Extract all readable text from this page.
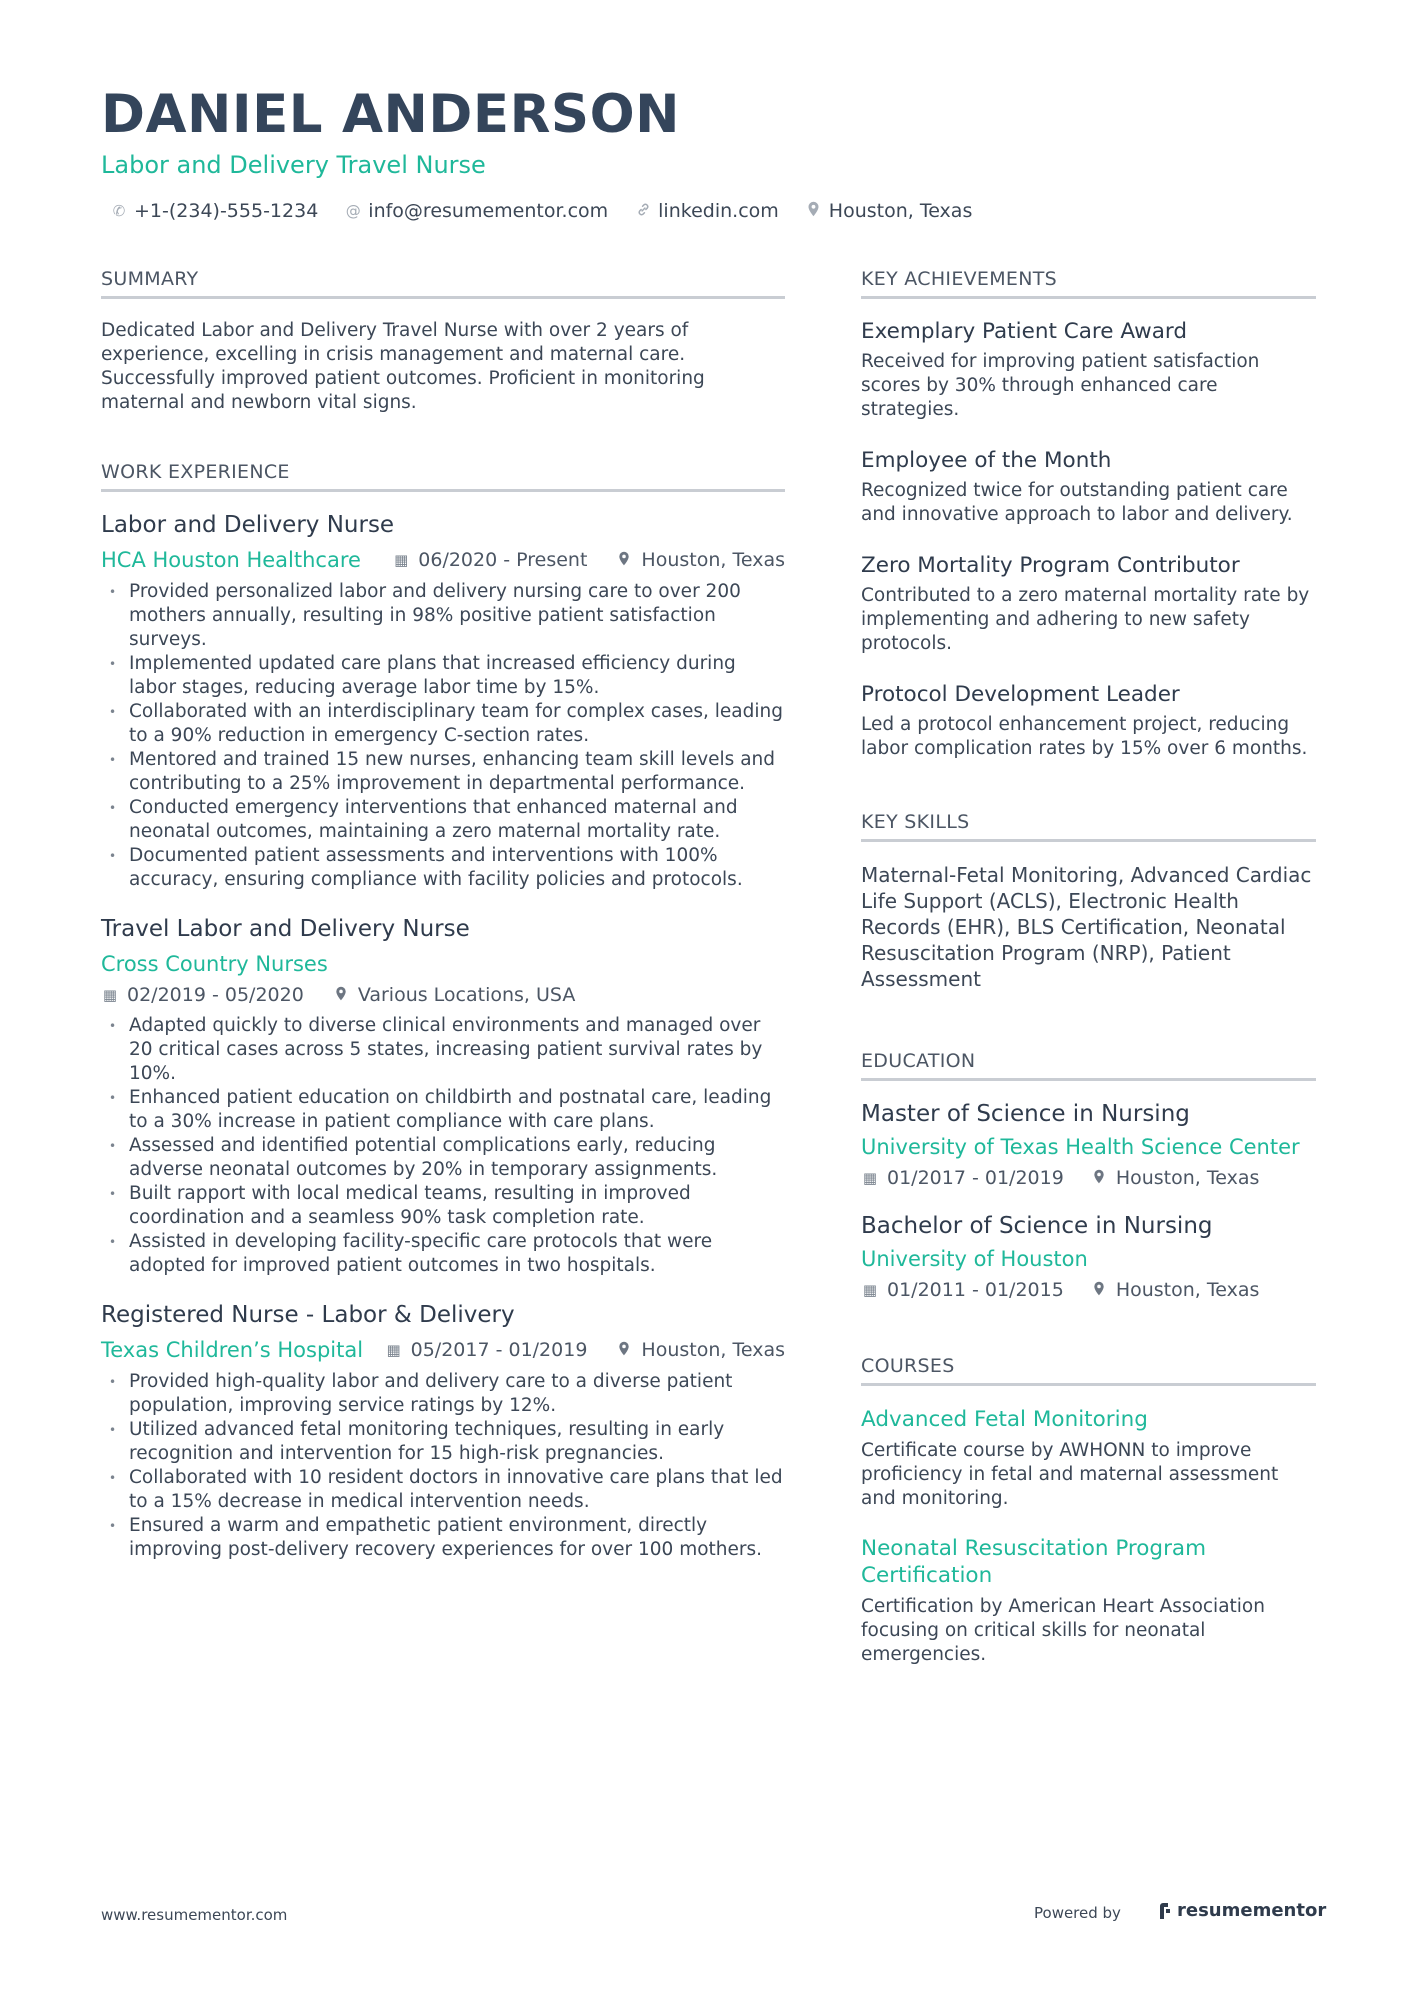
DANIEL ANDERSON
Labor and Delivery Travel Nurse
✆ +1-(234)-555-1234 @ info@resumementor.com	linkedin.com	Houston, Texas
SUMMARY
Dedicated Labor and Delivery Travel Nurse with over 2 years of experience, excelling in crisis management and maternal care. Successfully improved patient outcomes. Proficient in monitoring maternal and newborn vital signs.
WORK EXPERIENCE
Labor and Delivery Nurse
HCA Houston Healthcare ▦ 06/2020 - Present	Houston, Texas
• Provided personalized labor and delivery nursing care to over 200 mothers annually, resulting in 98% positive patient satisfaction surveys.
• Implemented updated care plans that increased efficiency during labor stages, reducing average labor time by 15%.
• Collaborated with an interdisciplinary team for complex cases, leading to a 90% reduction in emergency C-section rates.
• Mentored and trained 15 new nurses, enhancing team skill levels and contributing to a 25% improvement in departmental performance.
• Conducted emergency interventions that enhanced maternal and neonatal outcomes, maintaining a zero maternal mortality rate.
• Documented patient assessments and interventions with 100% accuracy, ensuring compliance with facility policies and protocols.
Travel Labor and Delivery Nurse
Cross Country Nurses
▦ 02/2019 - 05/2020	Various Locations, USA
• Adapted quickly to diverse clinical environments and managed over 20 critical cases across 5 states, increasing patient survival rates by 10%.
• Enhanced patient education on childbirth and postnatal care, leading to a 30% increase in patient compliance with care plans.
• Assessed and identified potential complications early, reducing adverse neonatal outcomes by 20% in temporary assignments.
• Built rapport with local medical teams, resulting in improved coordination and a seamless 90% task completion rate.
• Assisted in developing facility-specific care protocols that were adopted for improved patient outcomes in two hospitals.
Registered Nurse - Labor & Delivery
Texas Children’s Hospital ▦ 05/2017 - 01/2019	Houston, Texas
• Provided high-quality labor and delivery care to a diverse patient population, improving service ratings by 12%.
• Utilized advanced fetal monitoring techniques, resulting in early recognition and intervention for 15 high-risk pregnancies.
• Collaborated with 10 resident doctors in innovative care plans that led to a 15% decrease in medical intervention needs.
• Ensured a warm and empathetic patient environment, directly improving post-delivery recovery experiences for over 100 mothers.
KEY ACHIEVEMENTS
Exemplary Patient Care Award
Received for improving patient satisfaction scores by 30% through enhanced care strategies.
Employee of the Month
Recognized twice for outstanding patient care and innovative approach to labor and delivery.
Zero Mortality Program Contributor
Contributed to a zero maternal mortality rate by implementing and adhering to new safety protocols.
Protocol Development Leader
Led a protocol enhancement project, reducing labor complication rates by 15% over 6 months.
KEY SKILLS
Maternal-Fetal Monitoring, Advanced Cardiac Life Support (ACLS), Electronic Health Records (EHR), BLS Certification, Neonatal Resuscitation Program (NRP), Patient Assessment
EDUCATION
Master of Science in Nursing
University of Texas Health Science Center
▦ 01/2017 - 01/2019	Houston, Texas
Bachelor of Science in Nursing
University of Houston
▦ 01/2011 - 01/2015	Houston, Texas
COURSES
Advanced Fetal Monitoring
Certificate course by AWHONN to improve proficiency in fetal and maternal assessment and monitoring.
Neonatal Resuscitation Program Certification
Certification by American Heart Association focusing on critical skills for neonatal emergencies.
www.resumementor.com	Powered by	resumementor
